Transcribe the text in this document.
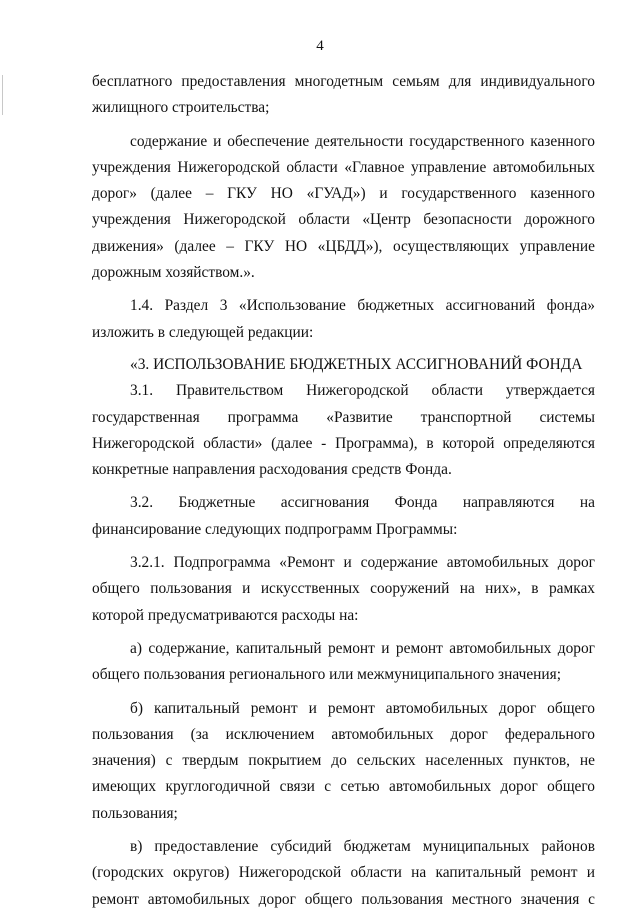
4

бесплатного предоставления многодетным семьям для индивидуального
жилищного строительства;

содержание и обеспечение деятельности государственного казенного
учреждения Нижегородской области «Главное управление автомобильных
дорог» (далее – ГКУ НО «ГУАД») и государственного казенного
учреждения Нижегородской области «Центр безопасности дорожного
движения» (далее – ГКУ НО «ЦБДД»), осуществляющих управление
дорожным хозяйством.».

1.4. Раздел 3 «Использование бюджетных ассигнований фонда»
изложить в следующей редакции:

«3. ИСПОЛЬЗОВАНИЕ БЮДЖЕТНЫХ АССИГНОВАНИЙ ФОНДА

3.1. Правительством Нижегородской области утверждается
государственная программа «Развитие транспортной системы
Нижегородской области» (далее - Программа), в которой определяются
конкретные направления расходования средств Фонда.

3.2. Бюджетные ассигнования Фонда направляются на
финансирование следующих подпрограмм Программы:

3.2.1. Подпрограмма «Ремонт и содержание автомобильных дорог
общего пользования и искусственных сооружений на них», в рамках
которой предусматриваются расходы на:

а) содержание, капитальный ремонт и ремонт автомобильных дорог
общего пользования регионального или межмуниципального значения;

б) капитальный ремонт и ремонт автомобильных дорог общего
пользования (за исключением автомобильных дорог федерального
значения) с твердым покрытием до сельских населенных пунктов, не
имеющих круглогодичной связи с сетью автомобильных дорог общего
пользования;

в) предоставление субсидий бюджетам муниципальных районов
(городских округов) Нижегородской области на капитальный ремонт и
ремонт автомобильных дорог общего пользования местного значения с
